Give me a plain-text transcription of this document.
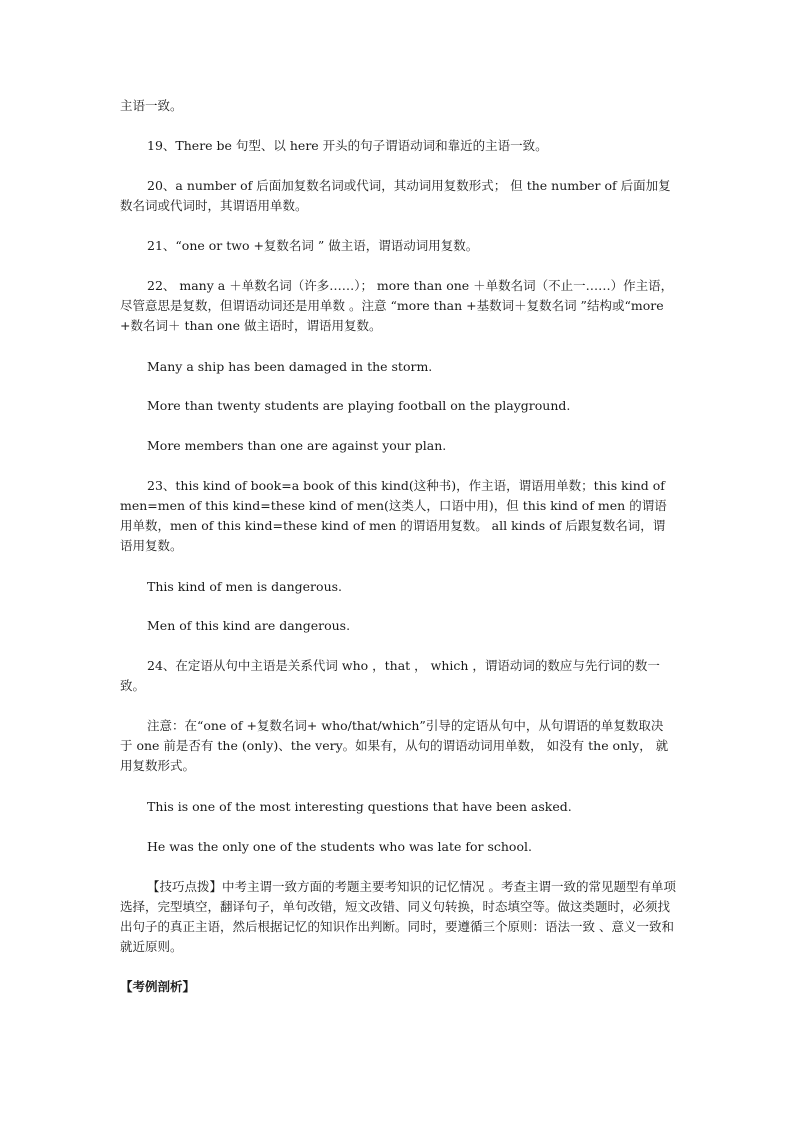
主语一致。

19、There be 句型、以 here 开头的句子谓语动词和靠近的主语一致。

20、a number of 后面加复数名词或代词，其动词用复数形式； 但 the number of 后面加复数名词或代词时，其谓语用单数。

21、“one or two +复数名词 ” 做主语，谓语动词用复数。

22、 many a ＋单数名词（许多……）； more than one ＋单数名词（不止一……）作主语，尽管意思是复数，但谓语动词还是用单数 。注意 “more than +基数词＋复数名词 ”结构或“more +数名词＋ than one 做主语时，谓语用复数。

Many a ship has been damaged in the storm.

More than twenty students are playing football on the playground.

More members than one are against your plan.

23、this kind of book=a book of this kind(这种书)，作主语，谓语用单数；this kind of men=men of this kind=these kind of men(这类人，口语中用)，但 this kind of men 的谓语用单数，men of this kind=these kind of men 的谓语用复数。 all kinds of 后跟复数名词，谓语用复数。

This kind of men is dangerous.

Men of this kind are dangerous.

24、在定语从句中主语是关系代词 who ，that ， which ，谓语动词的数应与先行词的数一致。

注意：在“one of +复数名词+ who/that/which”引导的定语从句中，从句谓语的单复数取决 于 one 前是否有 the (only)、the very。如果有，从句的谓语动词用单数， 如没有 the only， 就用复数形式。

This is one of the most interesting questions that have been asked.

He was the only one of the students who was late for school.

【技巧点拨】中考主谓一致方面的考题主要考知识的记忆情况 。考查主谓一致的常见题型有单项选择，完型填空，翻译句子，单句改错，短文改错、同义句转换，时态填空等。做这类题时，必须找出句子的真正主语，然后根据记忆的知识作出判断。同时，要遵循三个原则：语法一致 、意义一致和就近原则。

【考例剖析】
